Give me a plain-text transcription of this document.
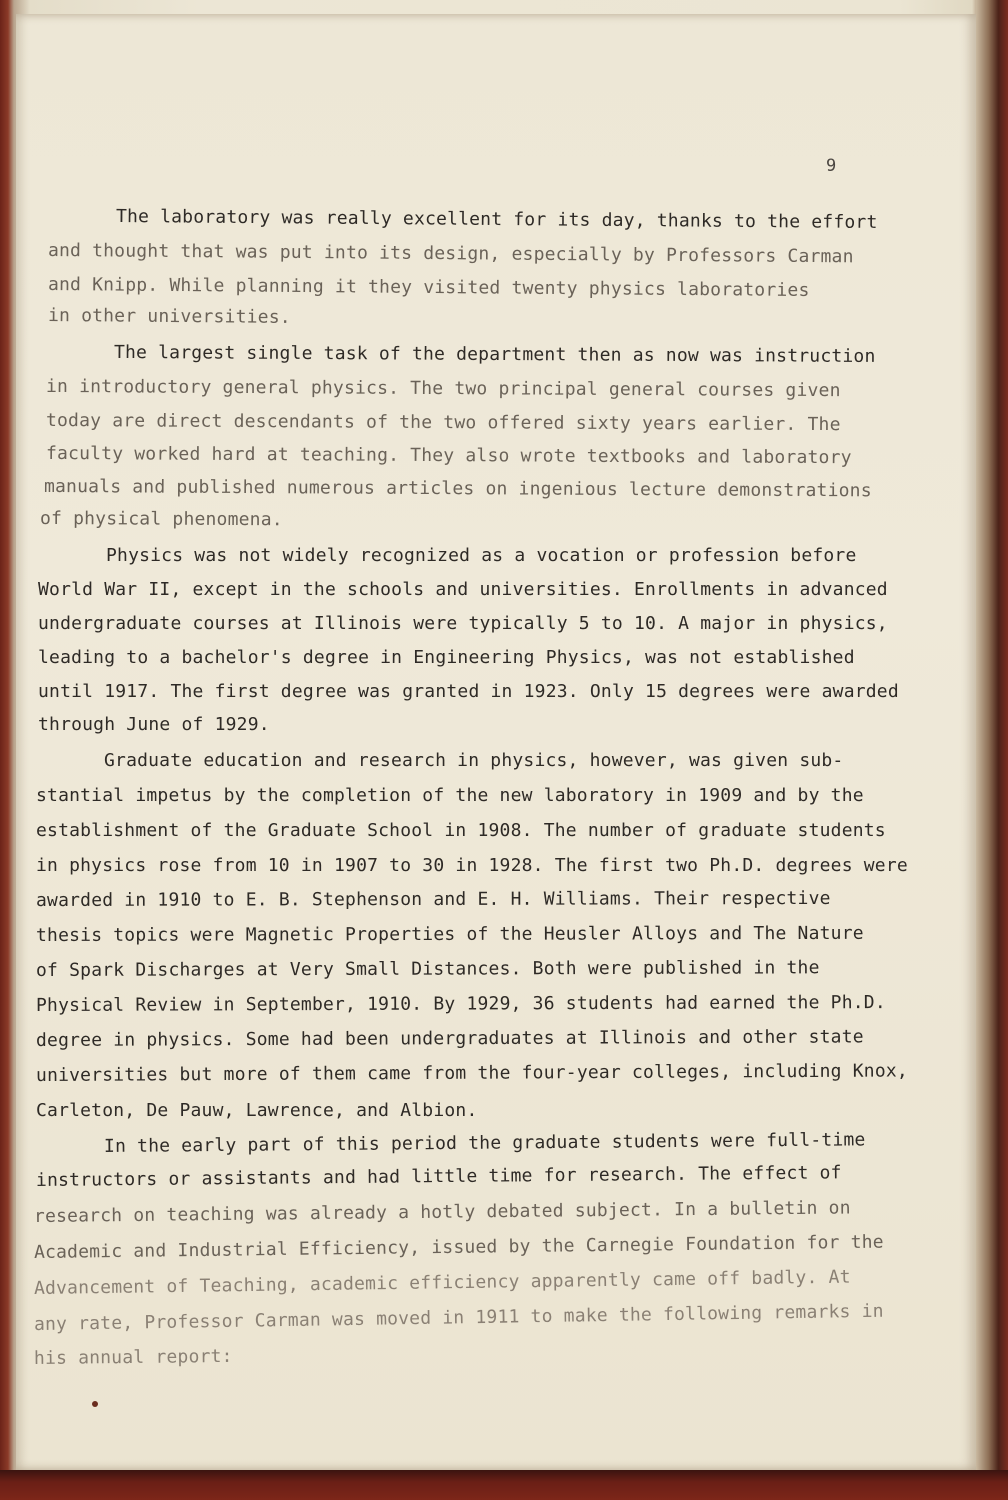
9
The laboratory was really excellent for its day, thanks to the effort
and thought that was put into its design, especially by Professors Carman
and Knipp. While planning it they visited twenty physics laboratories
in other universities.
The largest single task of the department then as now was instruction
in introductory general physics. The two principal general courses given
today are direct descendants of the two offered sixty years earlier. The
faculty worked hard at teaching. They also wrote textbooks and laboratory
manuals and published numerous articles on ingenious lecture demonstrations
of physical phenomena.
Physics was not widely recognized as a vocation or profession before
World War II, except in the schools and universities. Enrollments in advanced
undergraduate courses at Illinois were typically 5 to 10. A major in physics,
leading to a bachelor's degree in Engineering Physics, was not established
until 1917. The first degree was granted in 1923. Only 15 degrees were awarded
through June of 1929.
Graduate education and research in physics, however, was given sub-
stantial impetus by the completion of the new laboratory in 1909 and by the
establishment of the Graduate School in 1908. The number of graduate students
in physics rose from 10 in 1907 to 30 in 1928. The first two Ph.D. degrees were
awarded in 1910 to E. B. Stephenson and E. H. Williams. Their respective
thesis topics were Magnetic Properties of the Heusler Alloys and The Nature
of Spark Discharges at Very Small Distances. Both were published in the
Physical Review in September, 1910. By 1929, 36 students had earned the Ph.D.
degree in physics. Some had been undergraduates at Illinois and other state
universities but more of them came from the four-year colleges, including Knox,
Carleton, De Pauw, Lawrence, and Albion.
In the early part of this period the graduate students were full-time
instructors or assistants and had little time for research. The effect of
research on teaching was already a hotly debated subject. In a bulletin on
Academic and Industrial Efficiency, issued by the Carnegie Foundation for the
Advancement of Teaching, academic efficiency apparently came off badly. At
any rate, Professor Carman was moved in 1911 to make the following remarks in
his annual report:
